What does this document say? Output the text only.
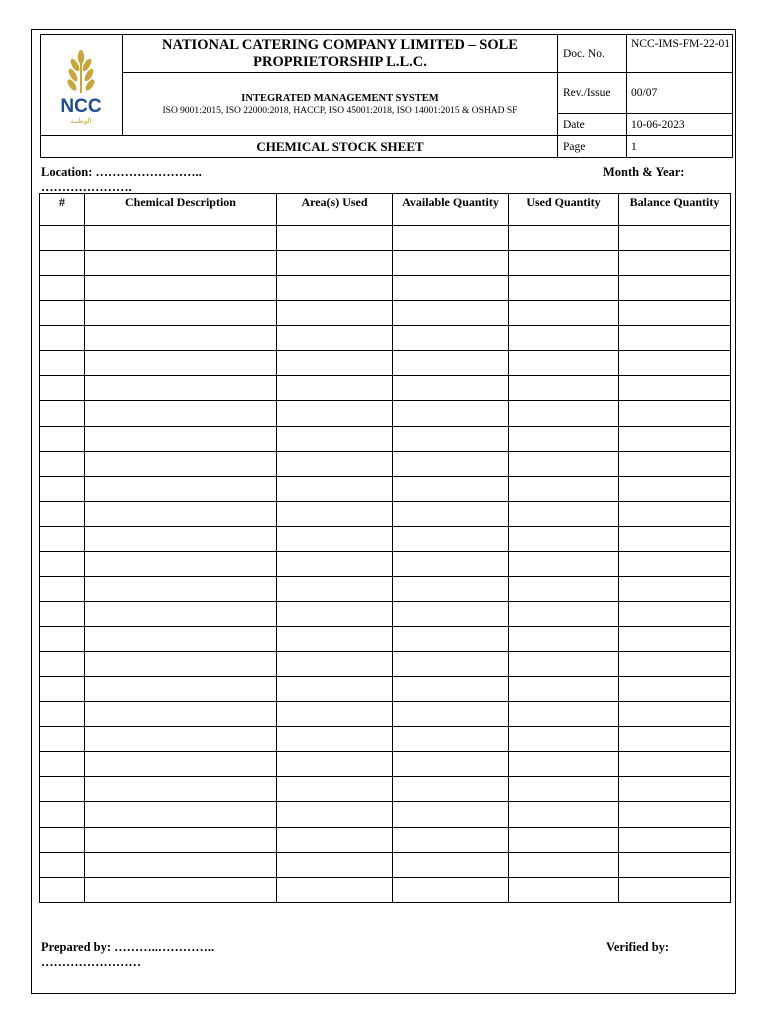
NCC
الوطنية	NATIONAL CATERING COMPANY LIMITED – SOLE PROPRIETORSHIP L.L.C.	Doc. No.	NCC-IMS-FM-22-01

	INTEGRATED MANAGEMENT SYSTEM
ISO 9001:2015, ISO 22000:2018, HACCP, ISO 45001:2018, ISO 14001:2015 & OSHAD SF	Rev./Issue	00/07
		Date	10-06-2023
CHEMICAL STOCK SHEET		Page	1
Location: ……………………..	Month & Year:
………………….
#	Chemical Description	Area(s) Used	Available Quantity	Used Quantity	Balance Quantity

Prepared by: ………..…………..
……………………
Verified by:
